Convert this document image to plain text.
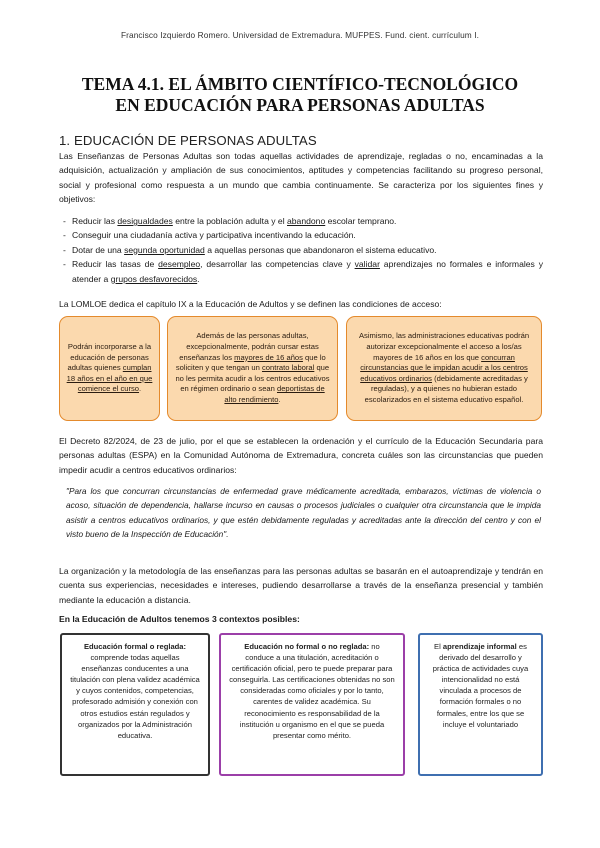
Francisco Izquierdo Romero. Universidad de Extremadura. MUFPES. Fund. cient. currículum I.
TEMA 4.1. EL ÁMBITO CIENTÍFICO-TECNOLÓGICO
EN EDUCACIÓN PARA PERSONAS ADULTAS
1. EDUCACIÓN DE PERSONAS ADULTAS
Las Enseñanzas de Personas Adultas son todas aquellas actividades de aprendizaje, regladas o no, encaminadas a la adquisición, actualización y ampliación de sus conocimientos, aptitudes y competencias facilitando su progreso personal, social y profesional como respuesta a un mundo que cambia continuamente. Se caracteriza por los siguientes fines y objetivos:
- Reducir las desigualdades entre la población adulta y el abandono escolar temprano.
- Conseguir una ciudadanía activa y participativa incentivando la educación.
- Dotar de una segunda oportunidad a aquellas personas que abandonaron el sistema educativo.
- Reducir las tasas de desempleo, desarrollar las competencias clave y validar aprendizajes no formales e informales y atender a grupos desfavorecidos.
La LOMLOE dedica el capítulo IX a la Educación de Adultos y se definen las condiciones de acceso:
Podrán incorporarse a la educación de personas adultas quienes cumplan 18 años en el año en que comience el curso.
Además de las personas adultas, excepcionalmente, podrán cursar estas enseñanzas los mayores de 16 años que lo soliciten y que tengan un contrato laboral que no les permita acudir a los centros educativos en régimen ordinario o sean deportistas de alto rendimiento.
Asimismo, las administraciones educativas podrán autorizar excepcionalmente el acceso a los/as mayores de 16 años en los que concurran circunstancias que le impidan acudir a los centros educativos ordinarios (debidamente acreditadas y reguladas), y a quienes no hubieran estado escolarizados en el sistema educativo español.
El Decreto 82/2024, de 23 de julio, por el que se establecen la ordenación y el currículo de la Educación Secundaria para personas adultas (ESPA) en la Comunidad Autónoma de Extremadura, concreta cuáles son las circunstancias que pueden impedir acudir a centros educativos ordinarios:
"Para los que concurran circunstancias de enfermedad grave médicamente acreditada, embarazos, víctimas de violencia o acoso, situación de dependencia, hallarse incurso en causas o procesos judiciales o cualquier otra circunstancia que le impida asistir a centros educativos ordinarios, y que estén debidamente reguladas y acreditadas ante la dirección del centro y con el visto bueno de la Inspección de Educación".
La organización y la metodología de las enseñanzas para las personas adultas se basarán en el autoaprendizaje y tendrán en cuenta sus experiencias, necesidades e intereses, pudiendo desarrollarse a través de la enseñanza presencial y también mediante la educación a distancia.
En la Educación de Adultos tenemos 3 contextos posibles:
Educación formal o reglada: comprende todas aquellas enseñanzas conducentes a una titulación con plena validez académica y cuyos contenidos, competencias, profesorado admisión y conexión con otros estudios están regulados y organizados por la Administración educativa.
Educación no formal o no reglada: no conduce a una titulación, acreditación o certificación oficial, pero te puede preparar para conseguirla. Las certificaciones obtenidas no son consideradas como oficiales y por lo tanto, carentes de validez académica. Su reconocimiento es responsabilidad de la institución u organismo en el que se pueda presentar como mérito.
El aprendizaje informal es derivado del desarrollo y práctica de actividades cuya intencionalidad no está vinculada a procesos de formación formales o no formales, entre los que se incluye el voluntariado
